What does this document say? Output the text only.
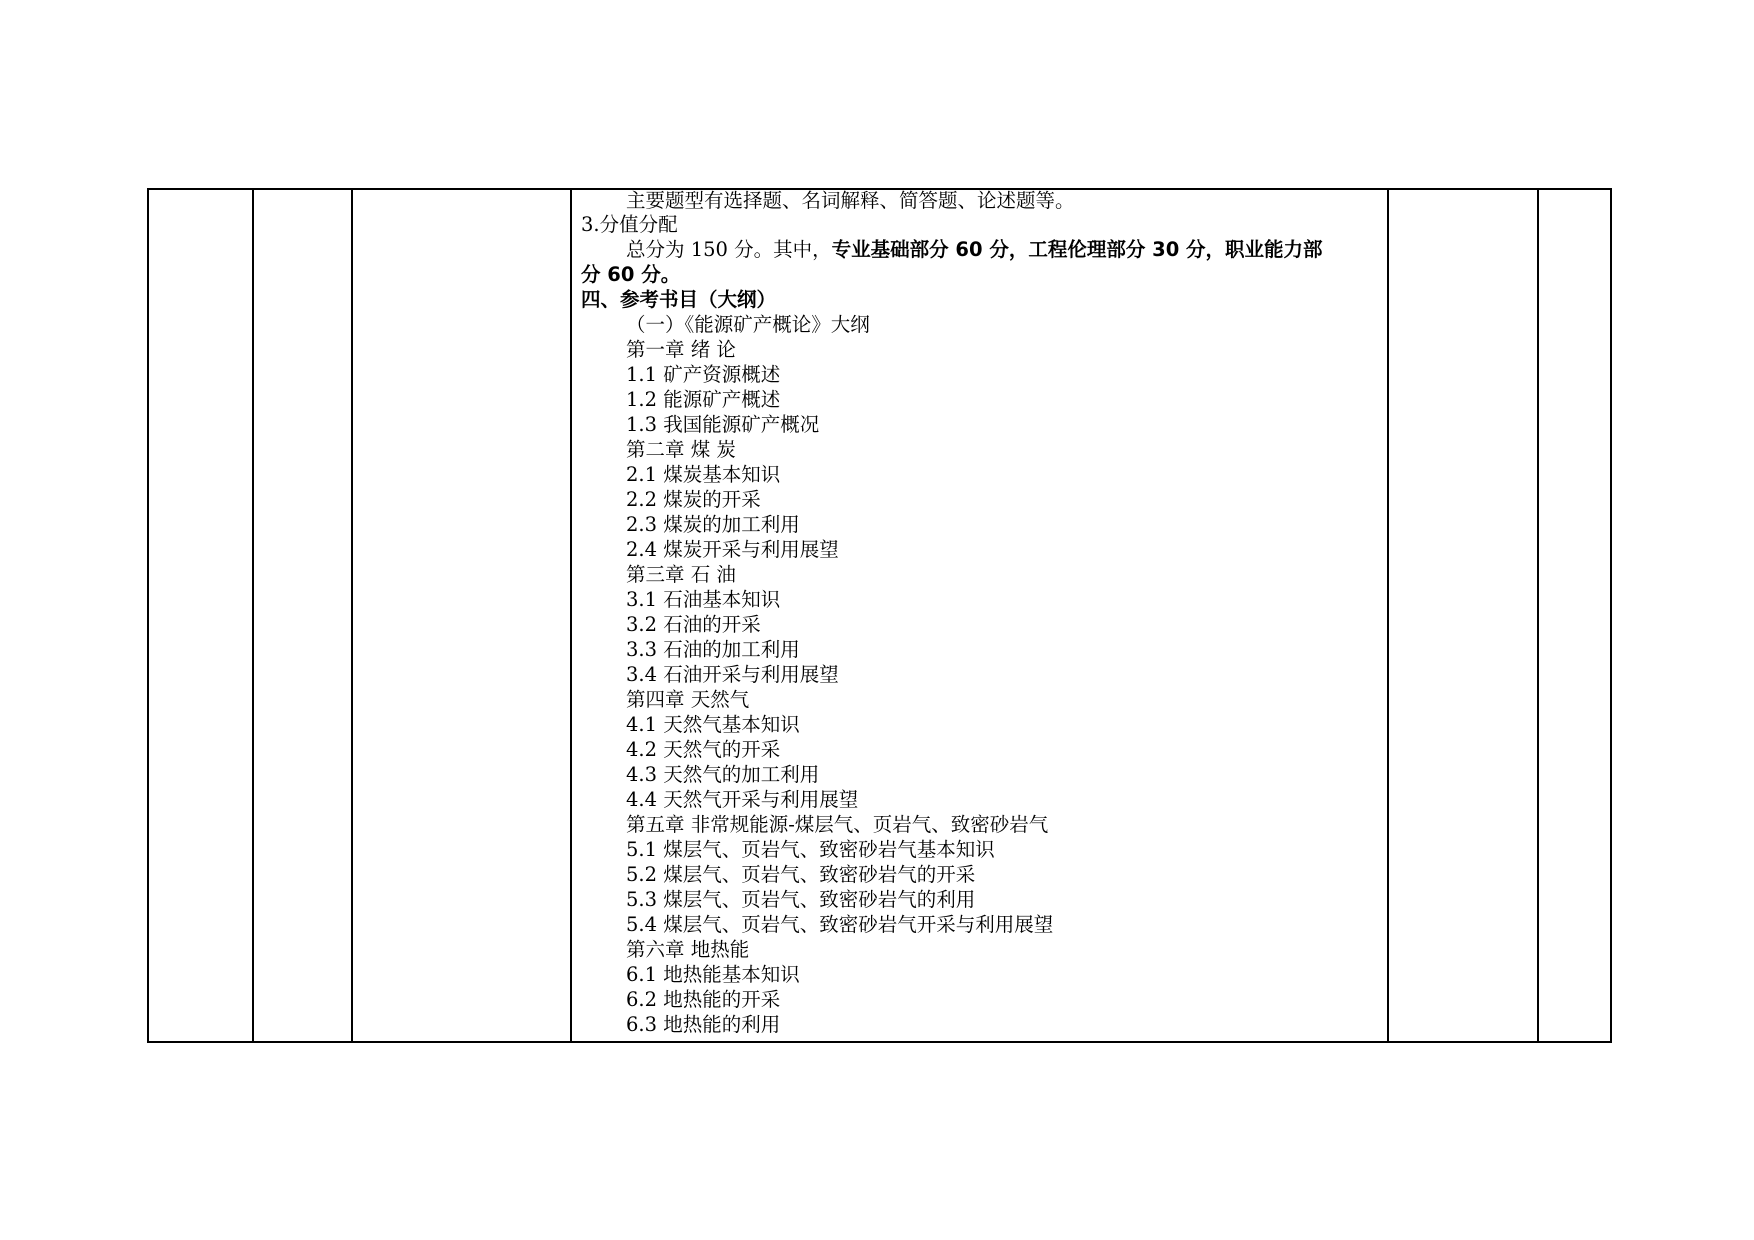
主要题型有选择题、名词解释、简答题、论述题等。
3.分值分配
总分为 150 分。其中，专业基础部分 60 分，工程伦理部分 30 分，职业能力部
分 60 分。
四、参考书目（大纲）
（一）《能源矿产概论》大纲
第一章 绪 论
1.1 矿产资源概述
1.2 能源矿产概述
1.3 我国能源矿产概况
第二章 煤 炭
2.1 煤炭基本知识
2.2 煤炭的开采
2.3 煤炭的加工利用
2.4 煤炭开采与利用展望
第三章 石 油
3.1 石油基本知识
3.2 石油的开采
3.3 石油的加工利用
3.4 石油开采与利用展望
第四章 天然气
4.1 天然气基本知识
4.2 天然气的开采
4.3 天然气的加工利用
4.4 天然气开采与利用展望
第五章 非常规能源-煤层气、页岩气、致密砂岩气
5.1 煤层气、页岩气、致密砂岩气基本知识
5.2 煤层气、页岩气、致密砂岩气的开采
5.3 煤层气、页岩气、致密砂岩气的利用
5.4 煤层气、页岩气、致密砂岩气开采与利用展望
第六章 地热能
6.1 地热能基本知识
6.2 地热能的开采
6.3 地热能的利用
